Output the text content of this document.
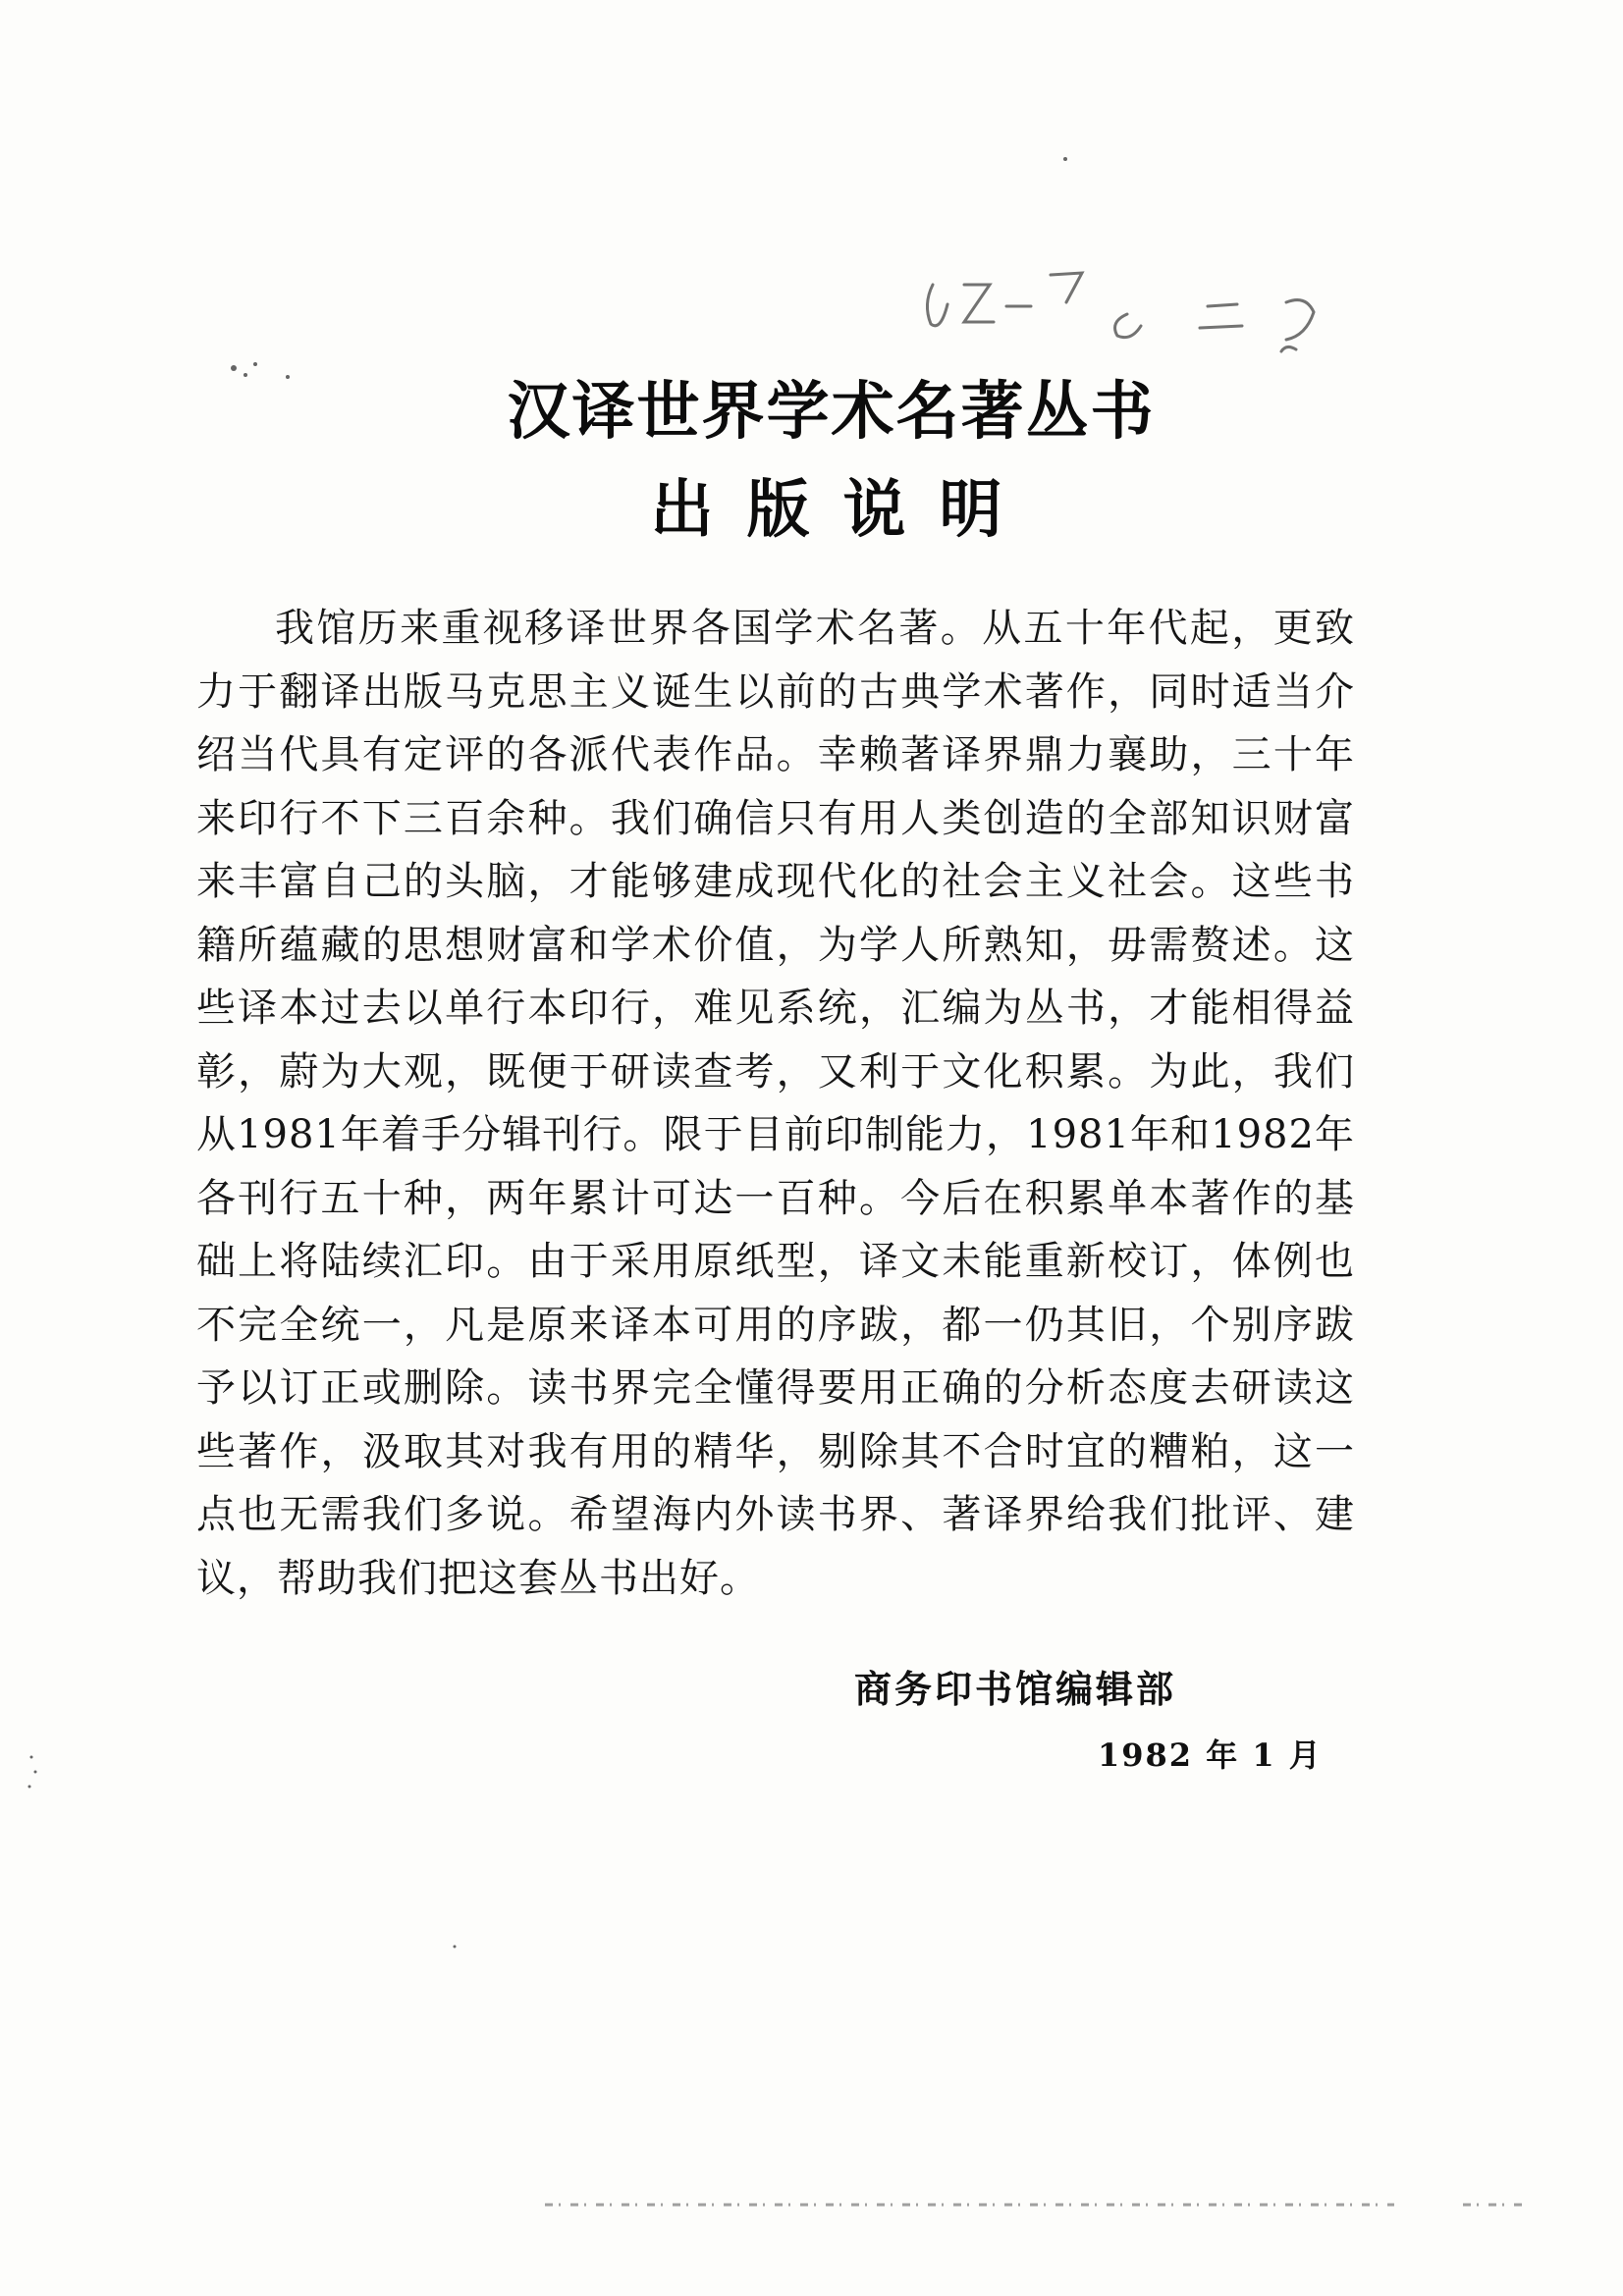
汉译世界学术名著丛书
出版说明
我馆历来重视移译世界各国学术名著。从五十年代起，更致力于翻译出版马克思主义诞生以前的古典学术著作，同时适当介绍当代具有定评的各派代表作品。幸赖著译界鼎力襄助，三十年来印行不下三百余种。我们确信只有用人类创造的全部知识财富来丰富自己的头脑，才能够建成现代化的社会主义社会。这些书籍所蕴藏的思想财富和学术价值，为学人所熟知，毋需赘述。这些译本过去以单行本印行，难见系统，汇编为丛书，才能相得益彰，蔚为大观，既便于研读查考，又利于文化积累。为此，我们从1981年着手分辑刊行。限于目前印制能力，1981年和1982年各刊行五十种，两年累计可达一百种。今后在积累单本著作的基础上将陆续汇印。由于采用原纸型，译文未能重新校订，体例也不完全统一，凡是原来译本可用的序跋，都一仍其旧，个别序跋予以订正或删除。读书界完全懂得要用正确的分析态度去研读这些著作，汲取其对我有用的精华，剔除其不合时宜的糟粕，这一点也无需我们多说。希望海内外读书界、著译界给我们批评、建议，帮助我们把这套丛书出好。
商务印书馆编辑部
1982 年 1 月
